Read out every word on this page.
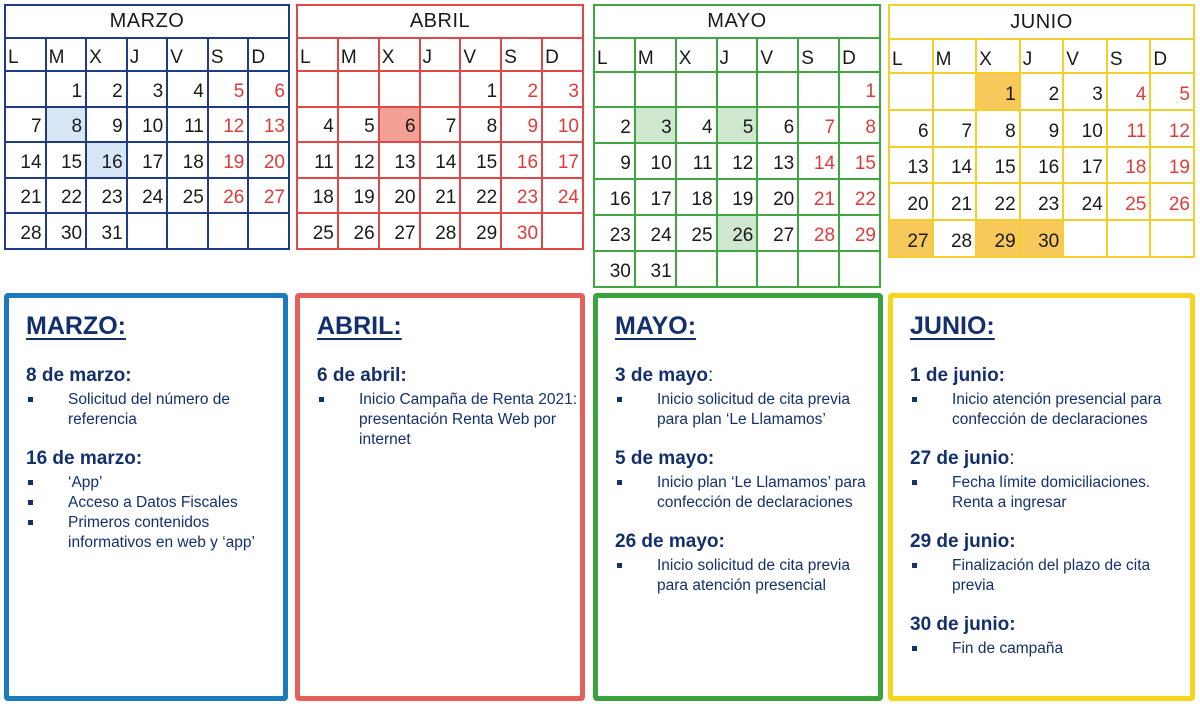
MARZO						
L	M	X	J	V	S	D
	1	2	3	4	5	6
7	8	9	10	11	12	13
14	15	16	17	18	19	20
21	22	23	24	25	26	27
28	30	31				
ABRIL						
L	M	X	J	V	S	D
				1	2	3
4	5	6	7	8	9	10
11	12	13	14	15	16	17
18	19	20	21	22	23	24
25	26	27	28	29	30	
MAYO						
L	M	X	J	V	S	D
						1
2	3	4	5	6	7	8
9	10	11	12	13	14	15
16	17	18	19	20	21	22
23	24	25	26	27	28	29
30	31					
JUNIO						
L	M	X	J	V	S	D
		1	2	3	4	5
6	7	8	9	10	11	12
13	14	15	16	17	18	19
20	21	22	23	24	25	26
27	28	29	30			
MARZO:
8 de marzo:
Solicitud del número de referencia
16 de marzo:
‘App’
Acceso a Datos Fiscales
Primeros contenidos informativos en web y ‘app’
ABRIL:
6 de abril:
Inicio Campaña de Renta 2021: presentación Renta Web por internet
MAYO:
3 de mayo:
Inicio solicitud de cita previa para plan ‘Le Llamamos’
5 de mayo:
Inicio plan ‘Le Llamamos’ para confección de declaraciones
26 de mayo:
Inicio solicitud de cita previa para atención presencial
JUNIO:
1 de junio:
Inicio atención presencial para confección de declaraciones
27 de junio:
Fecha límite domiciliaciones. Renta a ingresar
29 de junio:
Finalización del plazo de cita previa
30 de junio:
Fin de campaña
